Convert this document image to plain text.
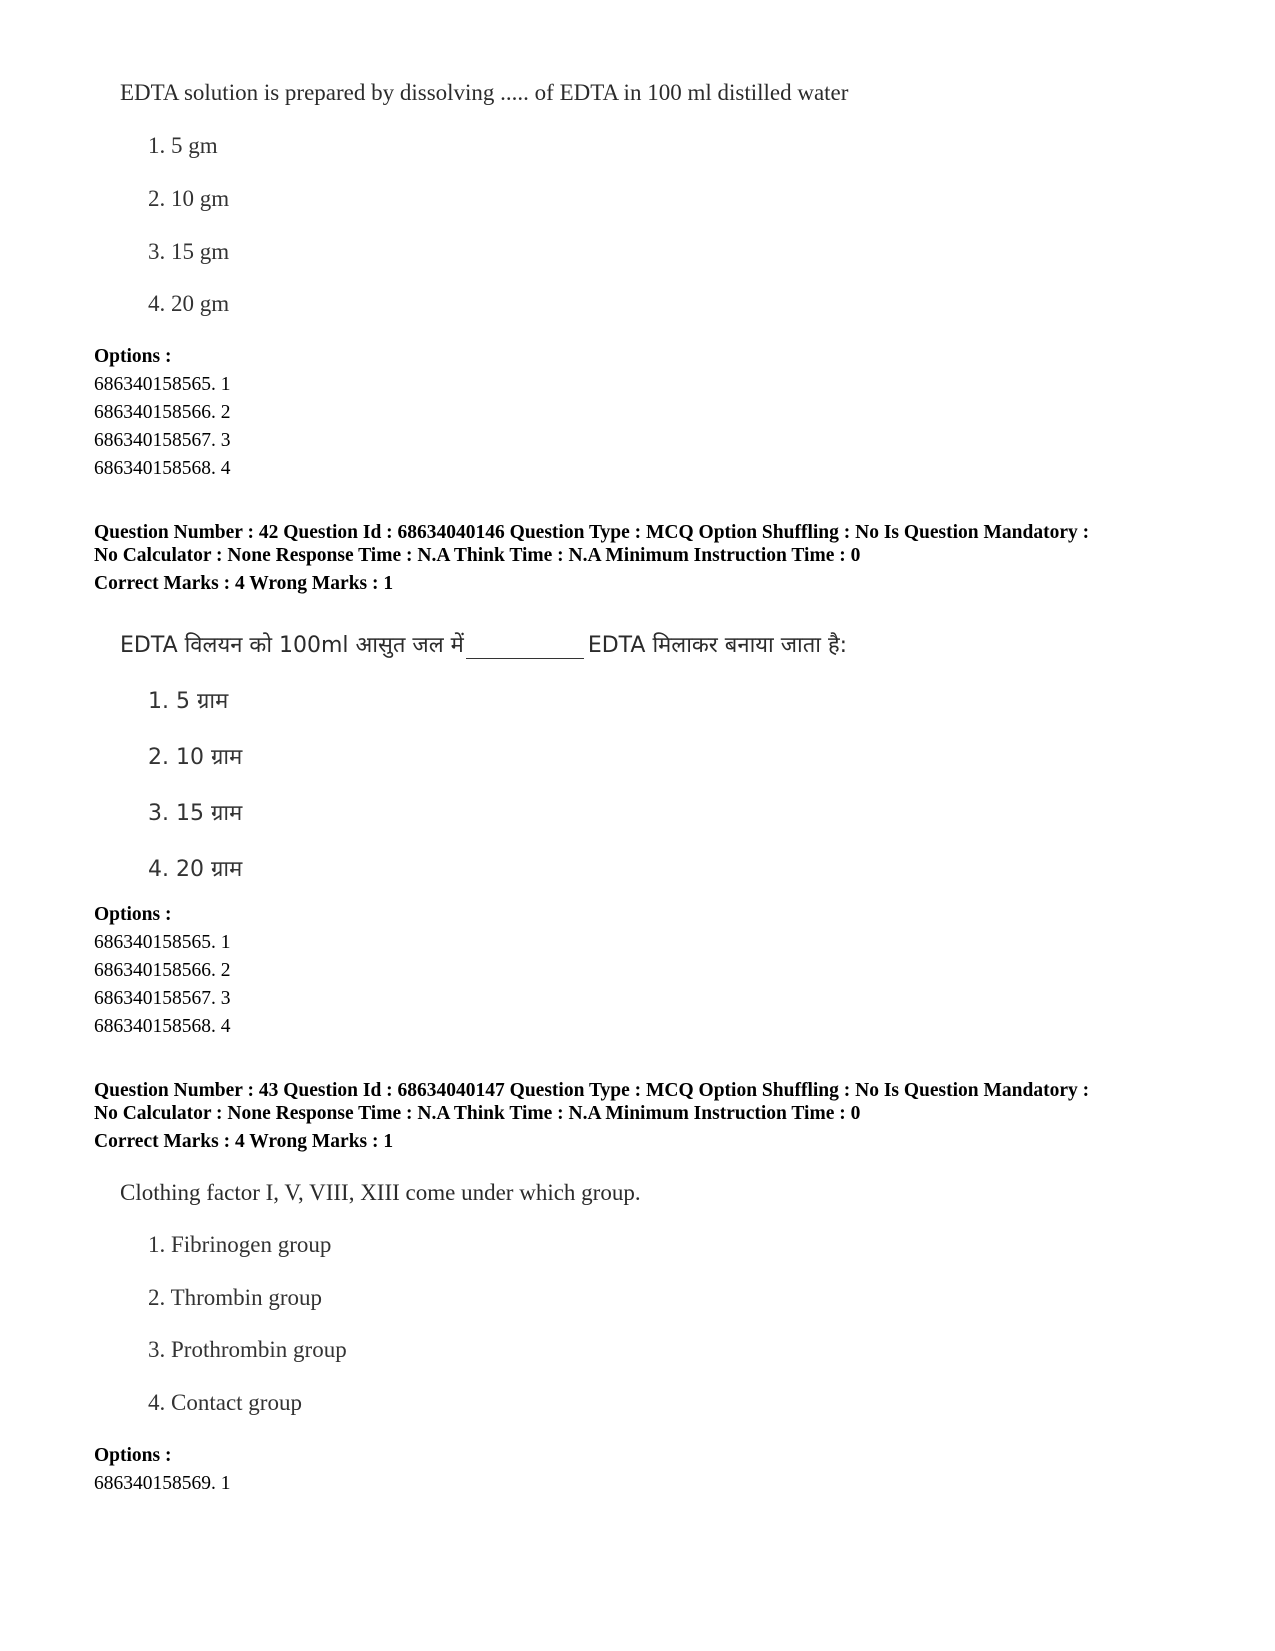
EDTA solution is prepared by dissolving ..... of EDTA in 100 ml distilled water
1. 5 gm
2. 10 gm
3. 15 gm
4. 20 gm
Options :
686340158565. 1
686340158566. 2
686340158567. 3
686340158568. 4
Question Number : 42 Question Id : 68634040146 Question Type : MCQ Option Shuffling : No Is Question Mandatory :
No Calculator : None Response Time : N.A Think Time : N.A Minimum Instruction Time : 0
Correct Marks : 4 Wrong Marks : 1
EDTA विलयन को 100ml आसुत जल में	EDTA मिलाकर बनाया जाता है:
1. 5 ग्राम
2. 10 ग्राम
3. 15 ग्राम
4. 20 ग्राम
Options :
686340158565. 1
686340158566. 2
686340158567. 3
686340158568. 4
Question Number : 43 Question Id : 68634040147 Question Type : MCQ Option Shuffling : No Is Question Mandatory :
No Calculator : None Response Time : N.A Think Time : N.A Minimum Instruction Time : 0
Correct Marks : 4 Wrong Marks : 1
Clothing factor I, V, VIII, XIII come under which group.
1. Fibrinogen group
2. Thrombin group
3. Prothrombin group
4. Contact group
Options :
686340158569. 1
